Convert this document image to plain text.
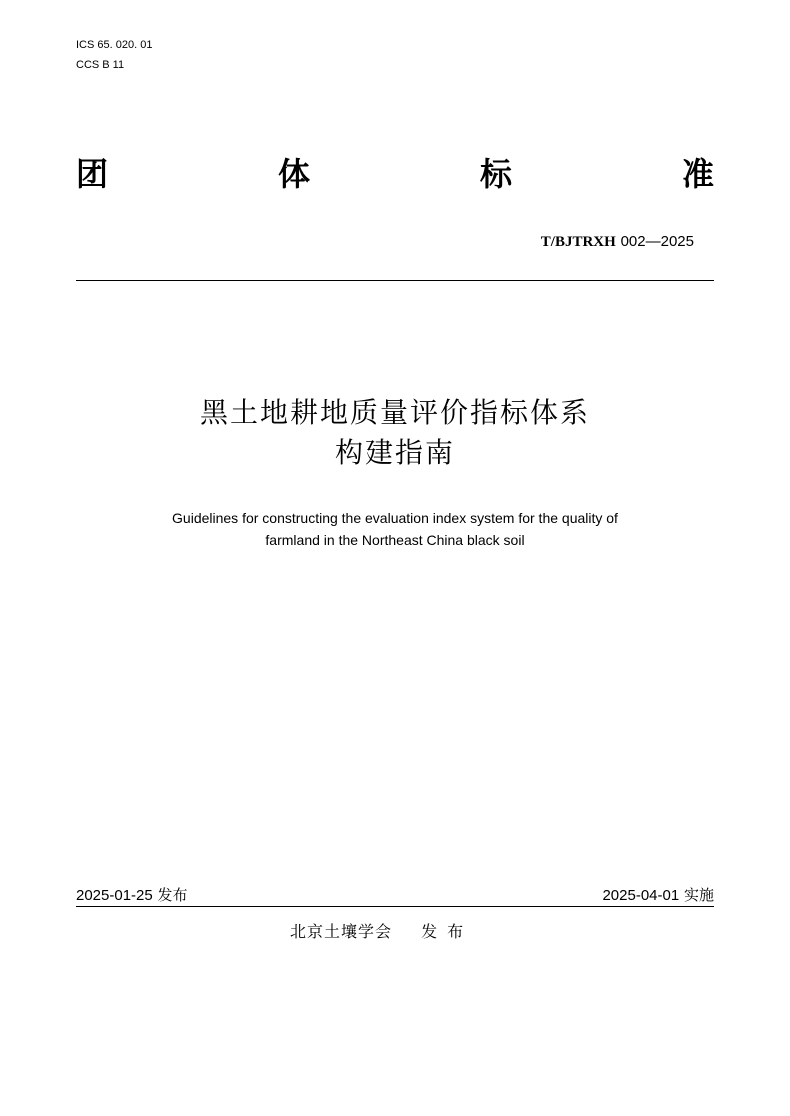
ICS 65. 020. 01
CCS B 11
团	体	标	准
T/BJTRXH 002—2025
黑土地耕地质量评价指标体系
构建指南
Guidelines for constructing the evaluation index system for the quality of
farmland in the Northeast China black soil
2025-01-25 发布	2025-04-01 实施
北京土壤学会 发布
